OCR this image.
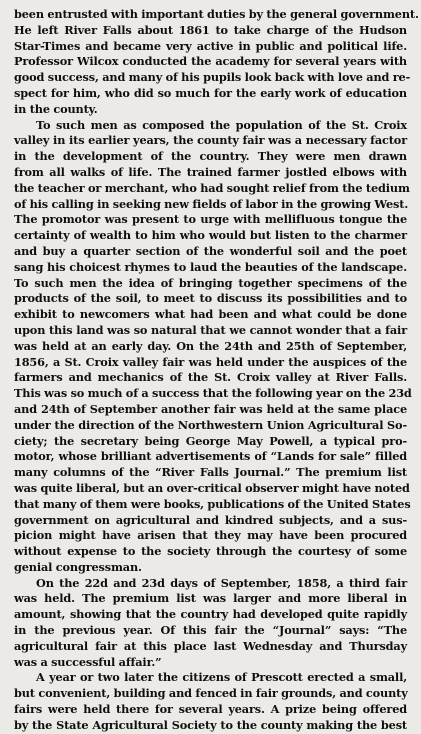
been entrusted with important duties by the general government.
He left River Falls about 1861 to take charge of the Hudson
Star-Times and became very active in public and political life.
Professor Wilcox conducted the academy for several years with
good success, and many of his pupils look back with love and re-
spect for him, who did so much for the early work of education
in the county.

To such men as composed the population of the St. Croix
valley in its earlier years, the county fair was a necessary factor
in the development of the country. They were men drawn
from all walks of life. The trained farmer jostled elbows with
the teacher or merchant, who had sought relief from the tedium
of his calling in seeking new fields of labor in the growing West.
The promotor was present to urge with mellifluous tongue the
certainty of wealth to him who would but listen to the charmer
and buy a quarter section of the wonderful soil and the poet
sang his choicest rhymes to laud the beauties of the landscape.
To such men the idea of bringing together specimens of the
products of the soil, to meet to discuss its possibilities and to
exhibit to newcomers what had been and what could be done
upon this land was so natural that we cannot wonder that a fair
was held at an early day. On the 24th and 25th of September,
1856, a St. Croix valley fair was held under the auspices of the
farmers and mechanics of the St. Croix valley at River Falls.
This was so much of a success that the following year on the 23d
and 24th of September another fair was held at the same place
under the direction of the Northwestern Union Agricultural So-
ciety; the secretary being George May Powell, a typical pro-
motor, whose brilliant advertisements of “Lands for sale” filled
many columns of the “River Falls Journal.” The premium list
was quite liberal, but an over-critical observer might have noted
that many of them were books, publications of the United States
government on agricultural and kindred subjects, and a sus-
picion might have arisen that they may have been procured
without expense to the society through the courtesy of some
genial congressman.

On the 22d and 23d days of September, 1858, a third fair
was held. The premium list was larger and more liberal in
amount, showing that the country had developed quite rapidly
in the previous year. Of this fair the “Journal” says: “The
agricultural fair at this place last Wednesday and Thursday
was a successful affair.”

A year or two later the citizens of Prescott erected a small,
but convenient, building and fenced in fair grounds, and county
fairs were held there for several years. A prize being offered
by the State Agricultural Society to the county making the best
